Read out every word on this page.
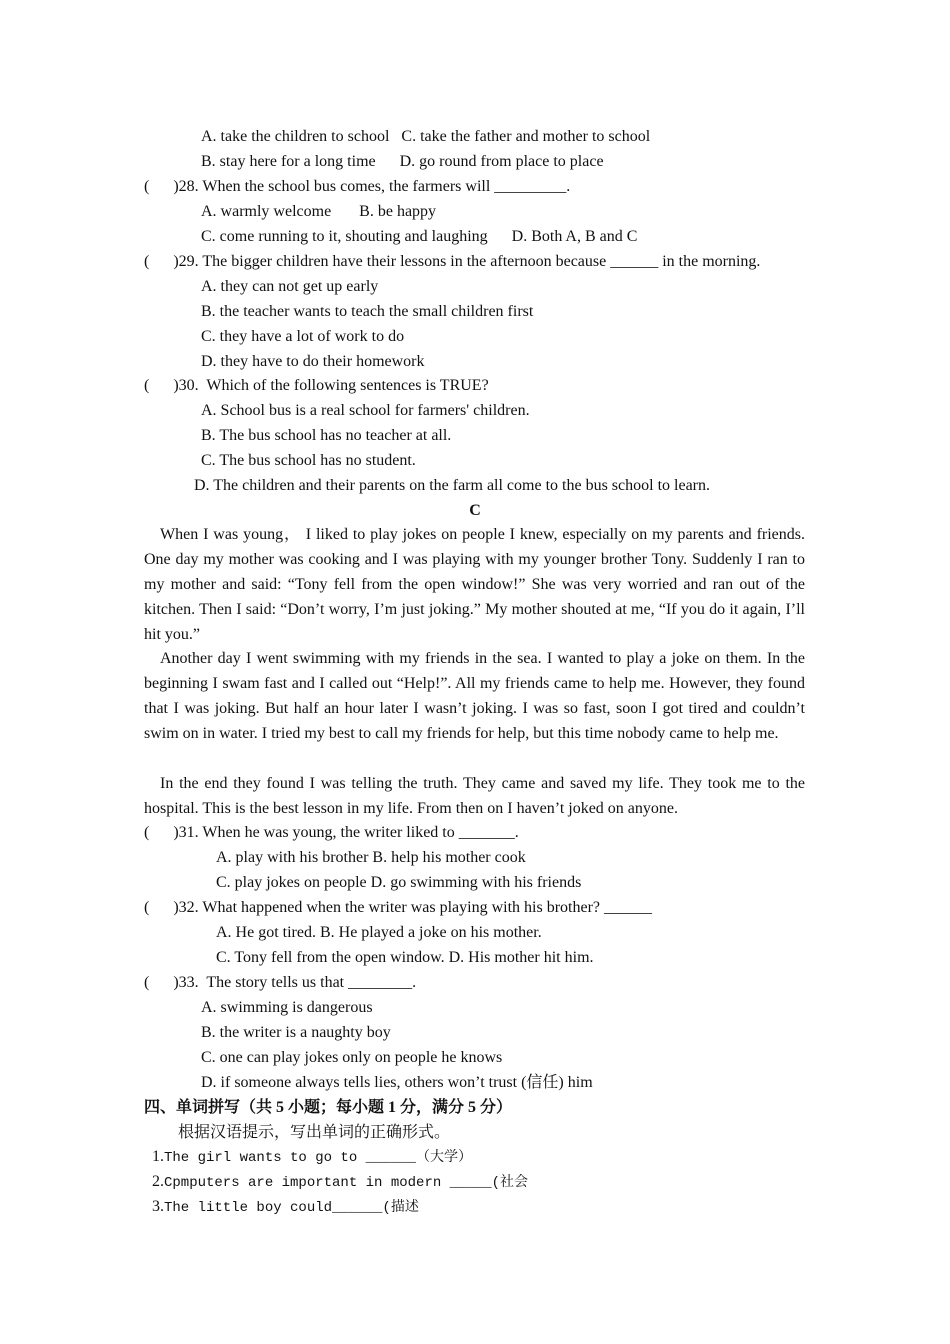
A. take the children to school   C. take the father and mother to school
B. stay here for a long time      D. go round from place to place
(      )28. When the school bus comes, the farmers will _________.
A. warmly welcome       B. be happy
C. come running to it, shouting and laughing      D. Both A, B and C
(      )29. The bigger children have their lessons in the afternoon because ______ in the morning.
A. they can not get up early
B. the teacher wants to teach the small children first
C. they have a lot of work to do
D. they have to do their homework
(      )30.  Which of the following sentences is TRUE?
A. School bus is a real school for farmers' children.
B. The bus school has no teacher at all.
C. The bus school has no student.
D. The children and their parents on the farm all come to the bus school to learn.
C
When I was young， I liked to play jokes on people I knew, especially on my parents and friends. One day my mother was cooking and I was playing with my younger brother Tony. Suddenly I ran to my mother and said: “Tony fell from the open window!” She was very worried and ran out of the kitchen. Then I said: “Don’t worry, I’m just joking.” My mother shouted at me, “If you do it again, I’ll hit you.”
Another day I went swimming with my friends in the sea. I wanted to play a joke on them. In the beginning I swam fast and I called out “Help!”. All my friends came to help me. However, they found that I was joking. But half an hour later I wasn’t joking. I was so fast, soon I got tired and couldn’t swim on in water. I tried my best to call my friends for help, but this time nobody came to help me.
In the end they found I was telling the truth. They came and saved my life. They took me to the hospital. This is the best lesson in my life. From then on I haven’t joked on anyone.
(      )31. When he was young, the writer liked to _______.
A. play with his brother B. help his mother cook
C. play jokes on people D. go swimming with his friends
(      )32. What happened when the writer was playing with his brother? ______
A. He got tired. B. He played a joke on his mother.
C. Tony fell from the open window. D. His mother hit him.
(      )33.  The story tells us that ________.
A. swimming is dangerous
B. the writer is a naughty boy
C. one can play jokes only on people he knows
D. if someone always tells lies, others won’t trust (信任) him
四、单词拼写（共 5 小题；每小题 1 分，满分 5 分）
根据汉语提示，写出单词的正确形式。
1.The girl wants to go to ______（大学）
2.Cpmputers are important in modern _____(社会
3.The little boy could______(描述
